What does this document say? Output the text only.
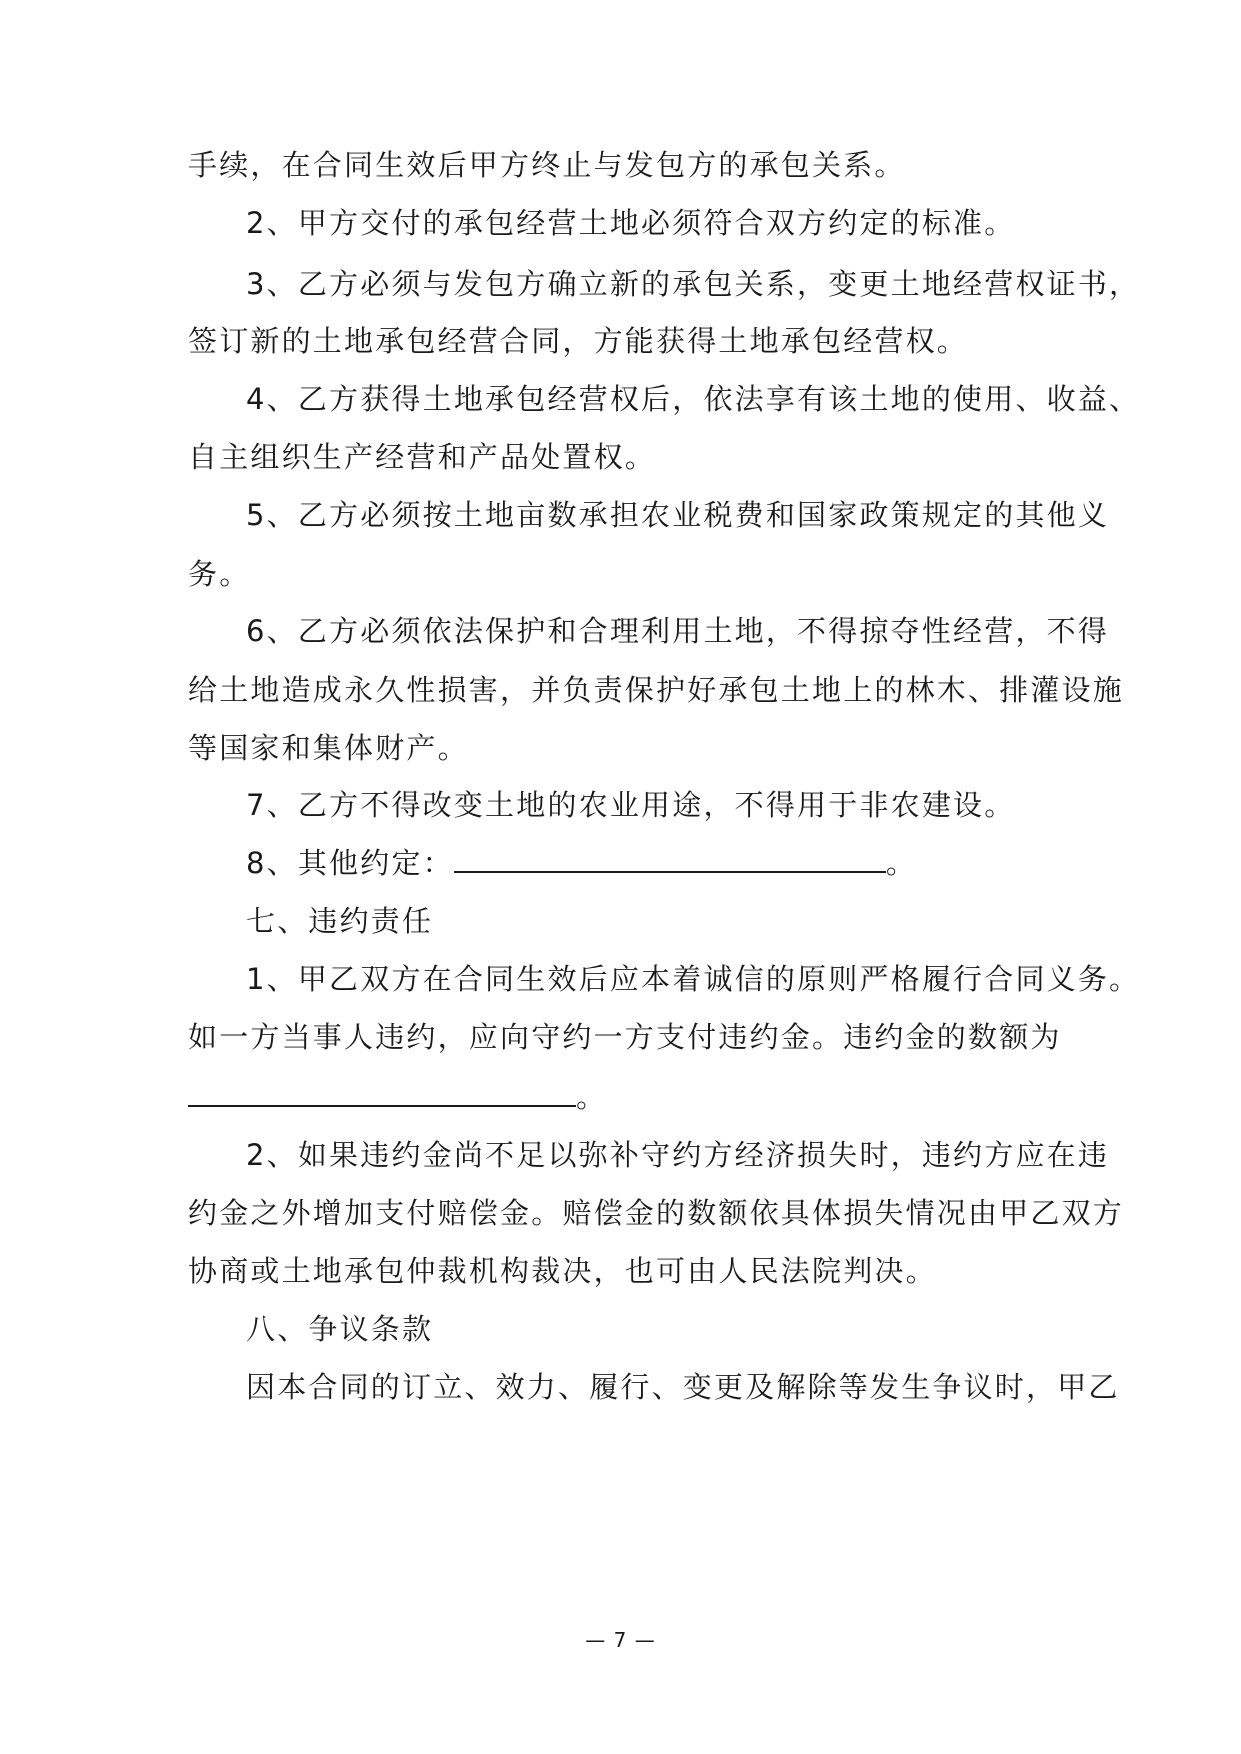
手续，在合同生效后甲方终止与发包方的承包关系。
2、甲方交付的承包经营土地必须符合双方约定的标准。
3、乙方必须与发包方确立新的承包关系，变更土地经营权证书，
签订新的土地承包经营合同，方能获得土地承包经营权。
4、乙方获得土地承包经营权后，依法享有该土地的使用、收益、
自主组织生产经营和产品处置权。
5、乙方必须按土地亩数承担农业税费和国家政策规定的其他义
务。
6、乙方必须依法保护和合理利用土地，不得掠夺性经营，不得
给土地造成永久性损害，并负责保护好承包土地上的林木、排灌设施
等国家和集体财产。
7、乙方不得改变土地的农业用途，不得用于非农建设。
8、其他约定：	。
七、违约责任
1、甲乙双方在合同生效后应本着诚信的原则严格履行合同义务。
如一方当事人违约，应向守约一方支付违约金。违约金的数额为
。
2、如果违约金尚不足以弥补守约方经济损失时，违约方应在违
约金之外增加支付赔偿金。赔偿金的数额依具体损失情况由甲乙双方
协商或土地承包仲裁机构裁决，也可由人民法院判决。
八、争议条款
因本合同的订立、效力、履行、变更及解除等发生争议时，甲乙
— 7 —
